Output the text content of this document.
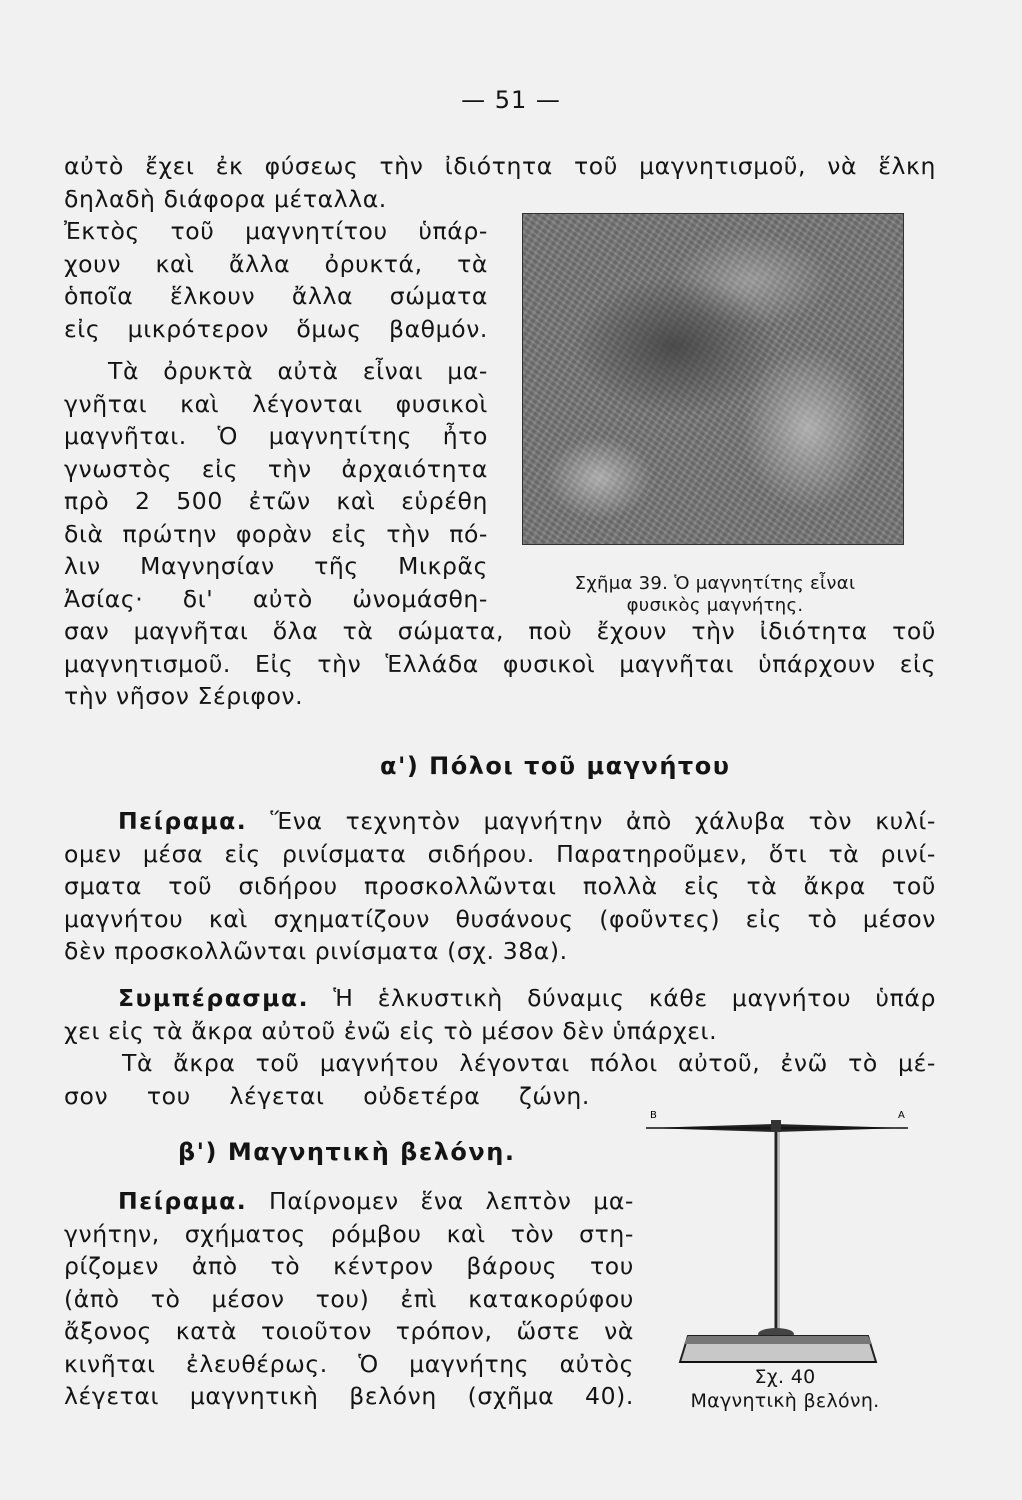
— 51 —
αὐτὸ ἔχει ἐκ φύσεως τὴν ἰδιότητα τοῦ μαγνητισμοῦ, νὰ ἕλκη
δηλαδὴ διάφορα μέταλλα.
Ἐκτὸς τοῦ μαγνητίτου ὑπάρ-
χουν καὶ ἄλλα ὀρυκτά, τὰ
ὁποῖα ἕλκουν ἄλλα σώματα
εἰς μικρότερον ὅμως βαθμόν.
Τὰ ὀρυκτὰ αὐτὰ εἶναι μα-
γνῆται καὶ λέγονται φυσικοὶ
μαγνῆται. Ὁ μαγνητίτης ἦτο
γνωστὸς εἰς τὴν ἀρχαιότητα
πρὸ 2 500 ἐτῶν καὶ εὑρέθη
διὰ πρώτην φορὰν εἰς τὴν πό-
λιν Μαγνησίαν τῆς Μικρᾶς
Ἀσίας· δι' αὐτὸ ὠνομάσθη-
σαν μαγνῆται ὅλα τὰ σώματα, ποὺ ἔχουν τὴν ἰδιότητα τοῦ
μαγνητισμοῦ. Εἰς τὴν Ἑλλάδα φυσικοὶ μαγνῆται ὑπάρχουν εἰς
τὴν νῆσον Σέριφον.
Σχῆμα 39. Ὁ μαγνητίτης εἶναι
φυσικὸς μαγνήτης.
α') Πόλοι τοῦ μαγνήτου
Πείραμα. Ἕνα τεχνητὸν μαγνήτην ἀπὸ χάλυβα τὸν κυλί-
ομεν μέσα εἰς ρινίσματα σιδήρου. Παρατηροῦμεν, ὅτι τὰ ρινί-
σματα τοῦ σιδήρου προσκολλῶνται πολλὰ εἰς τὰ ἄκρα τοῦ
μαγνήτου καὶ σχηματίζουν θυσάνους (φοῦντες) εἰς τὸ μέσον
δὲν προσκολλῶνται ρινίσματα (σχ. 38α).
Συμπέρασμα. Ἡ ἑλκυστικὴ δύναμις κάθε μαγνήτου ὑπάρ
χει εἰς τὰ ἄκρα αὐτοῦ ἐνῶ εἰς τὸ μέσον δὲν ὑπάρχει.
Τὰ ἄκρα τοῦ μαγνήτου λέγονται πόλοι αὐτοῦ, ἐνῶ τὸ μέ-
σον του λέγεται οὐδετέρα ζώνη.
β') Μαγνητικὴ βελόνη.
Πείραμα. Παίρνομεν ἕνα λεπτὸν μα-
γνήτην, σχήματος ρόμβου καὶ τὸν στη-
ρίζομεν ἀπὸ τὸ κέντρον βάρους του
(ἀπὸ τὸ μέσον του) ἐπὶ κατακορύφου
ἄξονος κατὰ τοιοῦτον τρόπον, ὥστε νὰ
κινῆται ἐλευθέρως. Ὁ μαγνήτης αὐτὸς
λέγεται μαγνητικὴ βελόνη (σχῆμα 40).
Β	Α
Σχ. 40
Μαγνητικὴ βελόνη.
